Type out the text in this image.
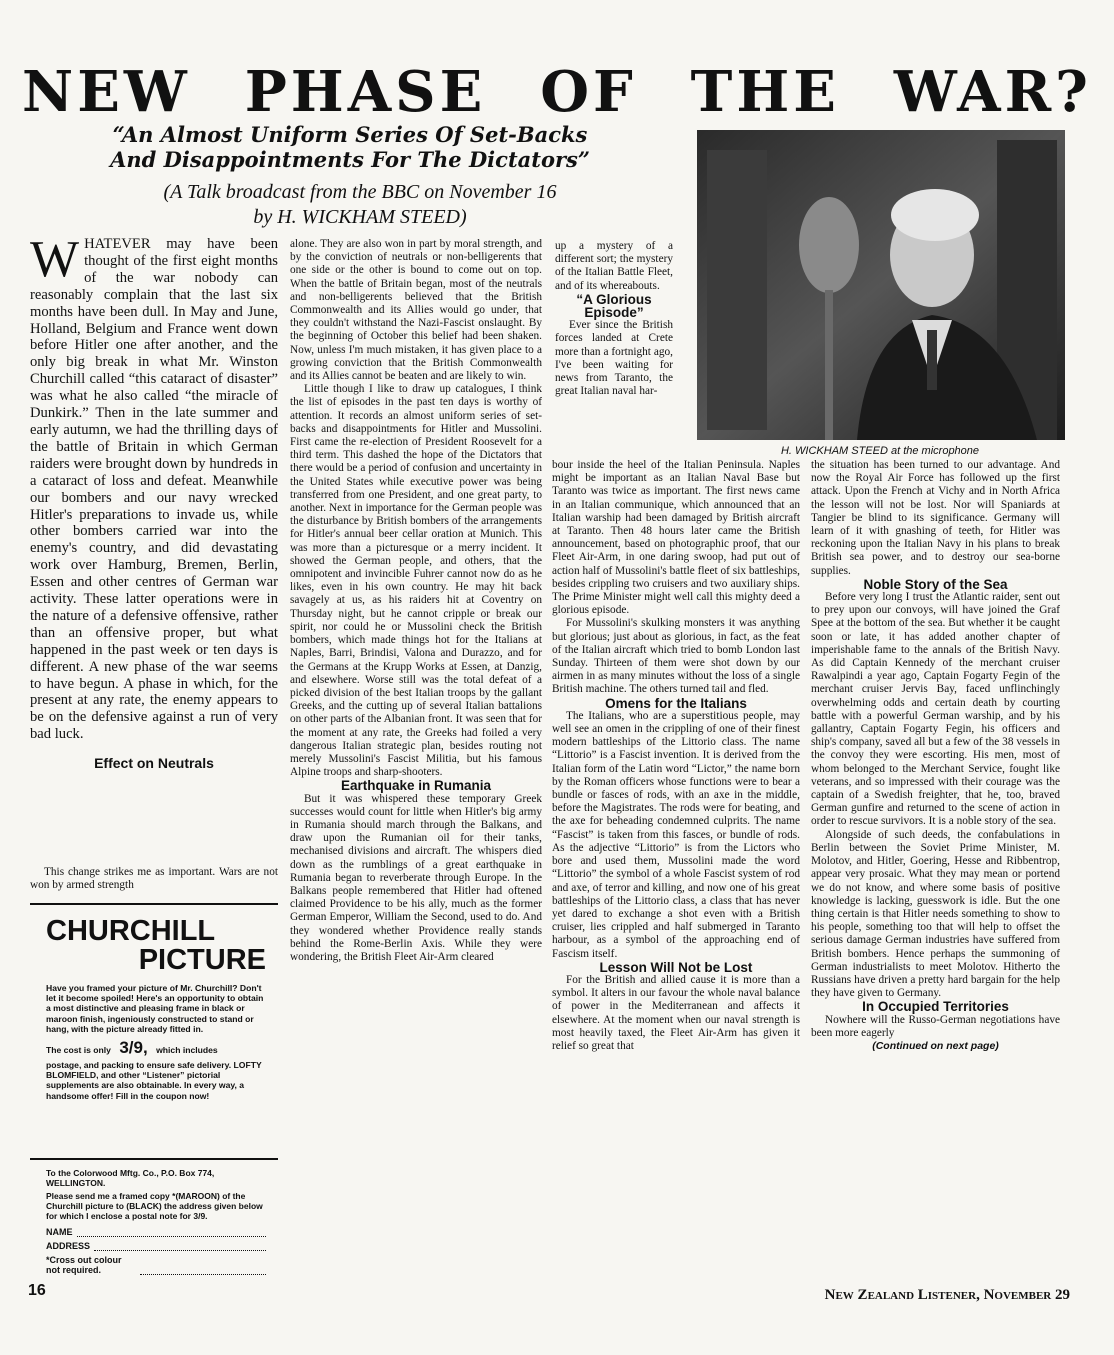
NEW PHASE OF THE WAR?
“An Almost Uniform Series Of Set-Backs
And Disappointments For The Dictators”
(A Talk broadcast from the BBC on November 16
by H. WICKHAM STEED)

WHATEVER may have been thought of the first eight months of the war nobody can reasonably complain that the last six months have been dull. In May and June, Holland, Belgium and France went down before Hitler one after another, and the only big break in what Mr. Winston Churchill called “this cataract of disaster” was what he also called “the miracle of Dunkirk.” Then in the late summer and early autumn, we had the thrilling days of the battle of Britain in which German raiders were brought down by hundreds in a cataract of loss and defeat. Meanwhile our bombers and our navy wrecked Hitler's preparations to invade us, while other bombers carried war into the enemy's country, and did devastating work over Hamburg, Bremen, Berlin, Essen and other centres of German war activity. These latter operations were in the nature of a defensive offensive, rather than an offensive proper, but what happened in the past week or ten days is different. A new phase of the war seems to have begun. A phase in which, for the present at any rate, the enemy appears to be on the defensive against a run of very bad luck.

Effect on Neutrals

This change strikes me as important. Wars are not won by armed strength

alone. They are also won in part by moral strength, and by the conviction of neutrals or non-belligerents that one side or the other is bound to come out on top. When the battle of Britain began, most of the neutrals and non-belligerents believed that the British Commonwealth and its Allies would go under, that they couldn't withstand the Nazi-Fascist onslaught. By the beginning of October this belief had been shaken. Now, unless I'm much mistaken, it has given place to a growing conviction that the British Commonwealth and its Allies cannot be beaten and are likely to win.

Little though I like to draw up catalogues, I think the list of episodes in the past ten days is worthy of attention. It records an almost uniform series of set-backs and disappointments for Hitler and Mussolini. First came the re-election of President Roosevelt for a third term. This dashed the hope of the Dictators that there would be a period of confusion and uncertainty in the United States while executive power was being transferred from one President, and one great party, to another. Next in importance for the German people was the disturbance by British bombers of the arrangements for Hitler's annual beer cellar oration at Munich. This was more than a picturesque or a merry incident. It showed the German people, and others, that the omnipotent and invincible Fuhrer cannot now do as he likes, even in his own country. He may hit back savagely at us, as his raiders hit at Coventry on Thursday night, but he cannot cripple or break our spirit, nor could he or Mussolini check the British bombers, which made things hot for the Italians at Naples, Barri, Brindisi, Valona and Durazzo, and for the Germans at the Krupp Works at Essen, at Danzig, and elsewhere. Worse still was the total defeat of a picked division of the best Italian troops by the gallant Greeks, and the cutting up of several Italian battalions on other parts of the Albanian front. It was seen that for the moment at any rate, the Greeks had foiled a very dangerous Italian strategic plan, besides routing not merely Mussolini's Fascist Militia, but his famous Alpine troops and sharp-shooters.

Earthquake in Rumania

But it was whispered these temporary Greek successes would count for little when Hitler's big army in Rumania should march through the Balkans, and draw upon the Rumanian oil for their tanks, mechanised divisions and aircraft. The whispers died down as the rumblings of a great earthquake in Rumania began to reverberate through Europe. In the Balkans people remembered that Hitler had oftened claimed Providence to be his ally, much as the former German Emperor, William the Second, used to do. And they wondered whether Providence really stands behind the Rome-Berlin Axis. While they were wondering, the British Fleet Air-Arm cleared

up a mystery of a different sort; the mystery of the Italian Battle Fleet, and of its whereabouts.

“A Glorious Episode”

Ever since the British forces landed at Crete more than a fortnight ago, I've been waiting for news from Taranto, the great Italian naval har-

H. WICKHAM STEED at the microphone

bour inside the heel of the Italian Peninsula. Naples might be important as an Italian Naval Base but Taranto was twice as important. The first news came in an Italian communique, which announced that an Italian warship had been damaged by British aircraft at Taranto. Then 48 hours later came the British announcement, based on photographic proof, that our Fleet Air-Arm, in one daring swoop, had put out of action half of Mussolini's battle fleet of six battleships, besides crippling two cruisers and two auxiliary ships. The Prime Minister might well call this mighty deed a glorious episode.

For Mussolini's skulking monsters it was anything but glorious; just about as glorious, in fact, as the feat of the Italian aircraft which tried to bomb London last Sunday. Thirteen of them were shot down by our airmen in as many minutes without the loss of a single British machine. The others turned tail and fled.

Omens for the Italians

The Italians, who are a superstitious people, may well see an omen in the crippling of one of their finest modern battleships of the Littorio class. The name “Littorio” is a Fascist invention. It is derived from the Italian form of the Latin word “Lictor,” the name born by the Roman officers whose functions were to bear a bundle or fasces of rods, with an axe in the middle, before the Magistrates. The rods were for beating, and the axe for beheading condemned culprits. The name “Fascist” is taken from this fasces, or bundle of rods. As the adjective “Littorio” is from the Lictors who bore and used them, Mussolini made the word “Littorio” the symbol of a whole Fascist system of rod and axe, of terror and killing, and now one of his great battleships of the Littorio class, a class that has never yet dared to exchange a shot even with a British cruiser, lies crippled and half submerged in Taranto harbour, as a symbol of the approaching end of Fascism itself.

Lesson Will Not be Lost

For the British and allied cause it is more than a symbol. It alters in our favour the whole naval balance of power in the Mediterranean and affects it elsewhere. At the moment when our naval strength is most heavily taxed, the Fleet Air-Arm has given it relief so great that

the situation has been turned to our advantage. And now the Royal Air Force has followed up the first attack. Upon the French at Vichy and in North Africa the lesson will not be lost. Nor will Spaniards at Tangier be blind to its significance. Germany will learn of it with gnashing of teeth, for Hitler was reckoning upon the Italian Navy in his plans to break British sea power, and to destroy our sea-borne supplies.

Noble Story of the Sea

Before very long I trust the Atlantic raider, sent out to prey upon our convoys, will have joined the Graf Spee at the bottom of the sea. But whether it be caught soon or late, it has added another chapter of imperishable fame to the annals of the British Navy. As did Captain Kennedy of the merchant cruiser Rawalpindi a year ago, Captain Fogarty Fegin of the merchant cruiser Jervis Bay, faced unflinchingly overwhelming odds and certain death by courting battle with a powerful German warship, and by his gallantry, Captain Fogarty Fegin, his officers and ship's company, saved all but a few of the 38 vessels in the convoy they were escorting. His men, most of whom belonged to the Merchant Service, fought like veterans, and so impressed with their courage was the captain of a Swedish freighter, that he, too, braved German gunfire and returned to the scene of action in order to rescue survivors. It is a noble story of the sea.

Alongside of such deeds, the confabulations in Berlin between the Soviet Prime Minister, M. Molotov, and Hitler, Goering, Hesse and Ribbentrop, appear very prosaic. What they may mean or portend we do not know, and where some basis of positive knowledge is lacking, guesswork is idle. But the one thing certain is that Hitler needs something to show to his people, something too that will help to offset the serious damage German industries have suffered from British bombers. Hence perhaps the summoning of German industrialists to meet Molotov. Hitherto the Russians have driven a pretty hard bargain for the help they have given to Germany.

In Occupied Territories

Nowhere will the Russo-German negotiations have been more eagerly

(Continued on next page)

CHURCHILL
PICTURE
Have you framed your picture of Mr. Churchill? Don't let it become spoiled! Here's an opportunity to obtain a most distinctive and pleasing frame in black or maroon finish, ingeniously constructed to stand or hang, with the picture already fitted in.
The cost is only 3/9, which includes
postage, and packing to ensure safe delivery. LOFTY BLOMFIELD, and other “Listener” pictorial supplements are also obtainable. In every way, a handsome offer! Fill in the coupon now!
To the Colorwood Mftg. Co., P.O. Box 774, WELLINGTON.
Please send me a framed copy *(MAROON) of the Churchill picture to (BLACK) the address given below for which I enclose a postal note for 3/9.
NAME
ADDRESS
*Cross out colour not required.
16	New Zealand Listener, November 29
